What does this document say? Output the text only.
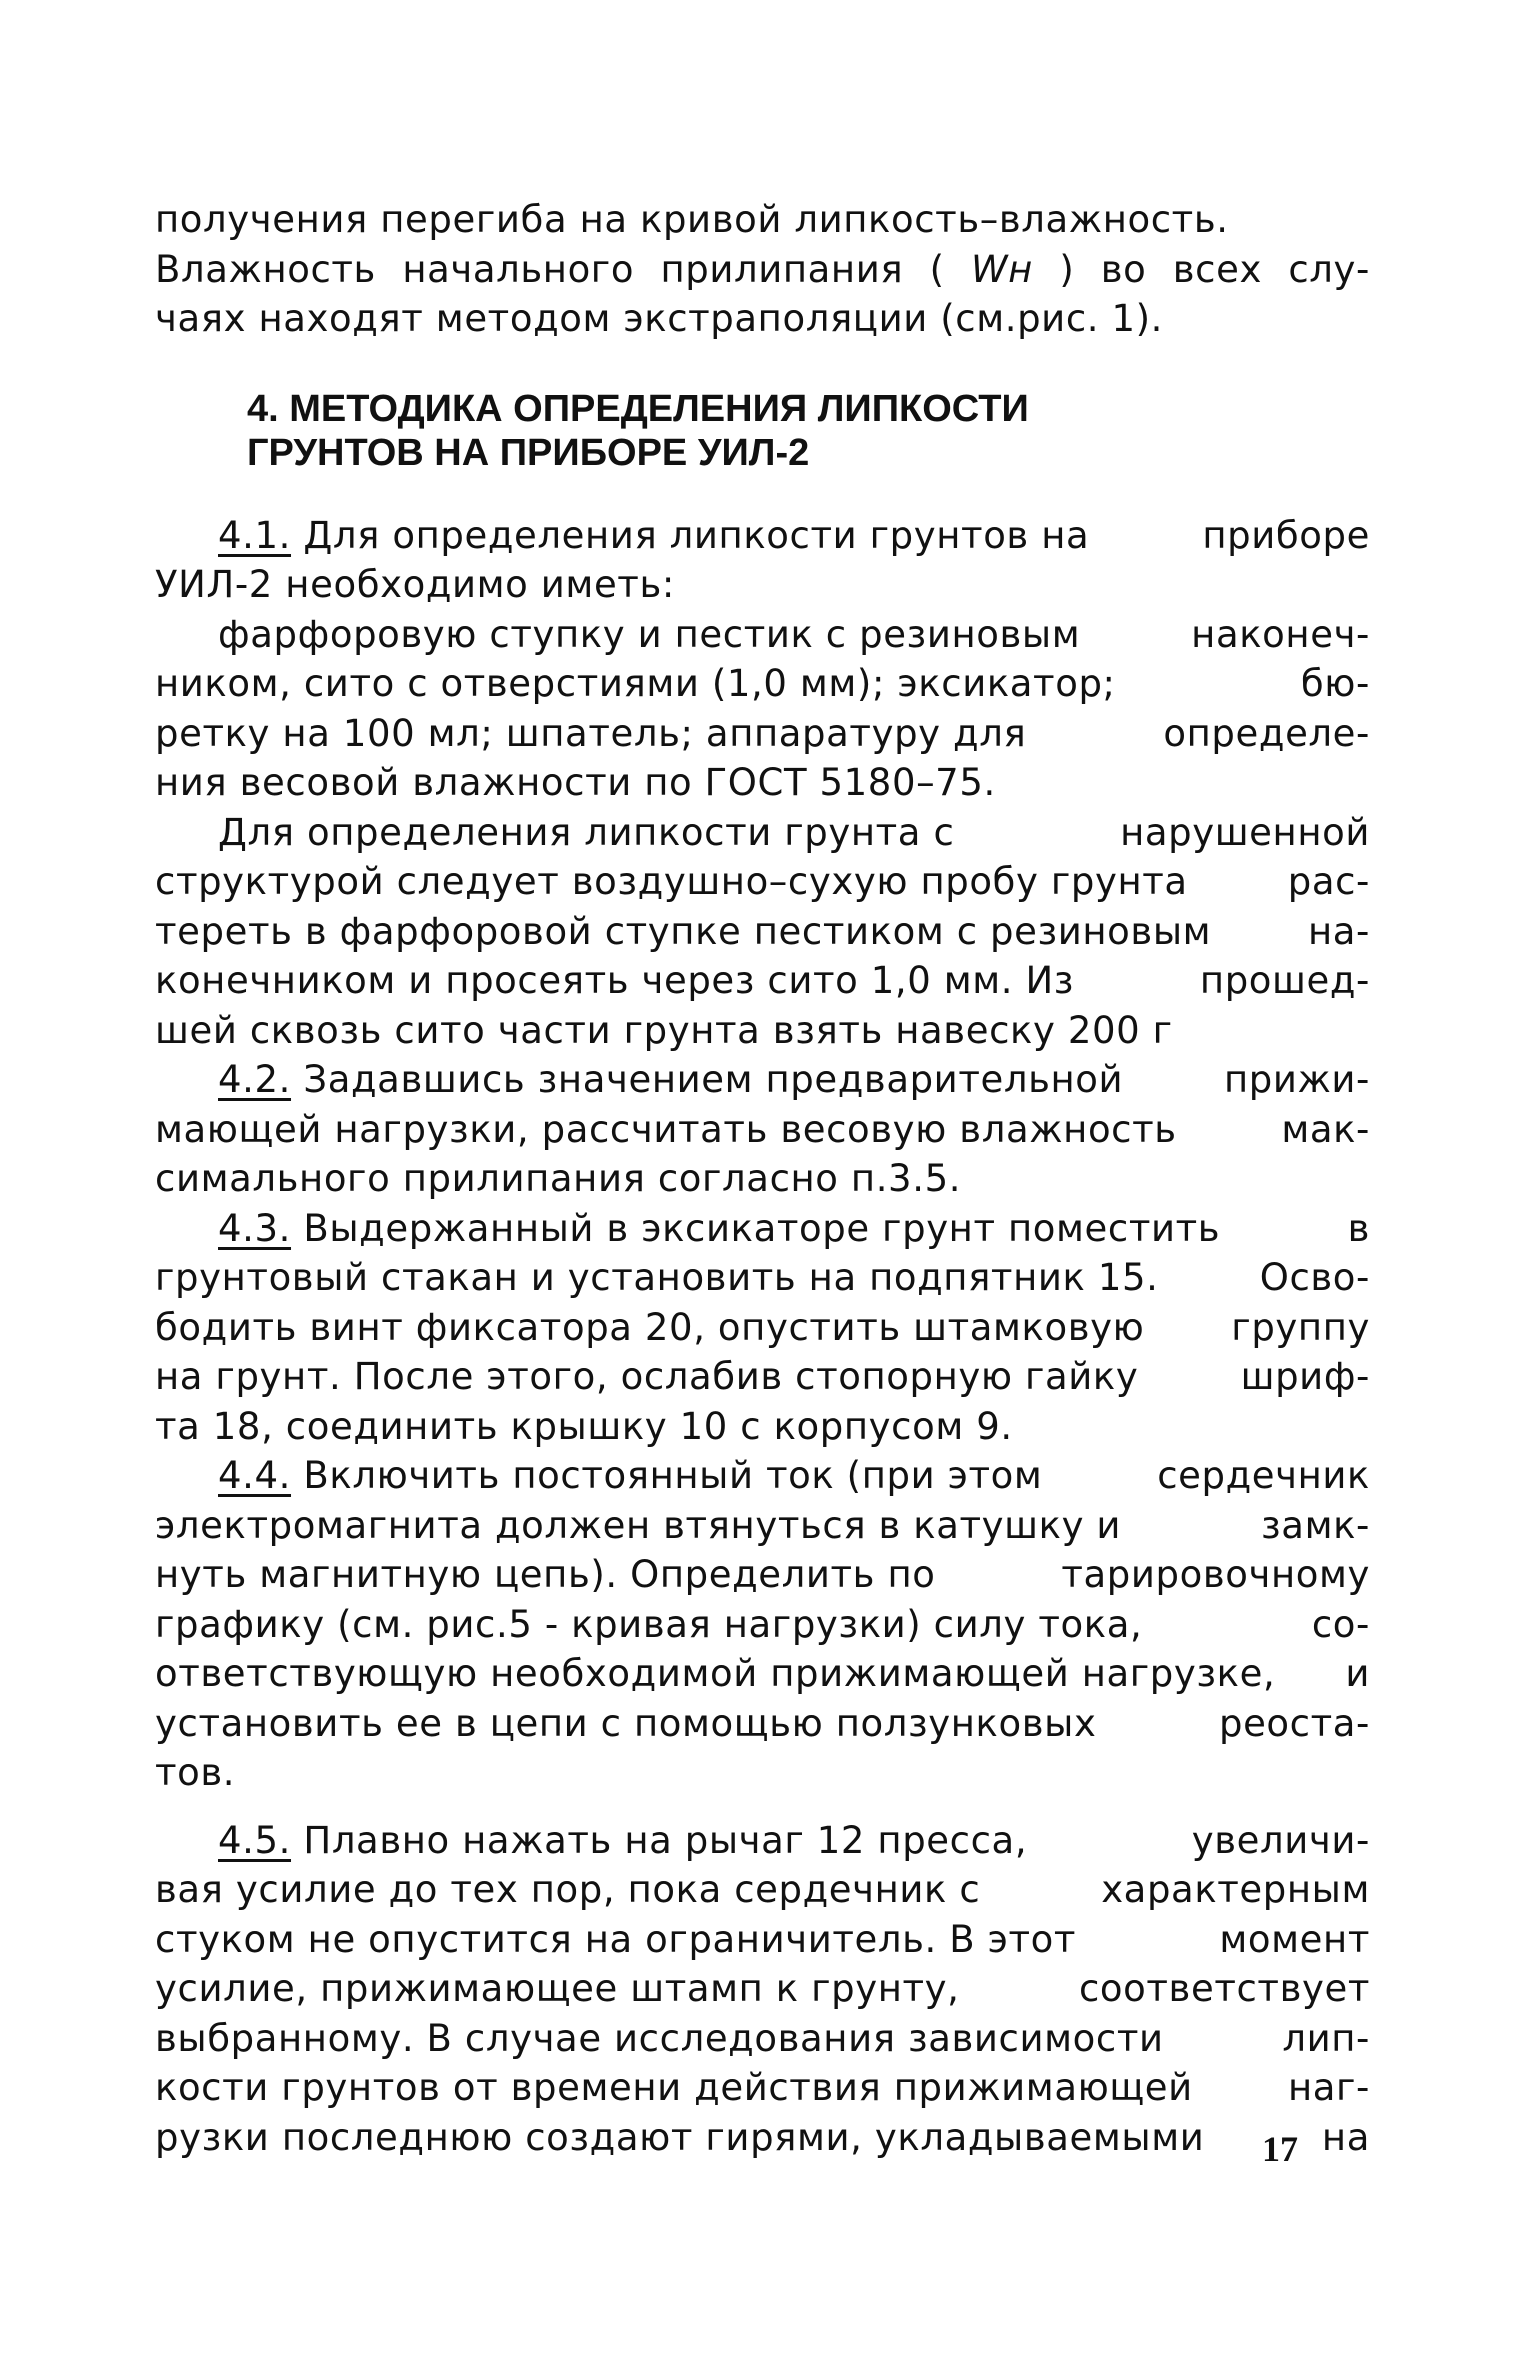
получения перегиба на кривой липкость–влажность.

Влажность начального прилипания ( Wн ) во всех слу-

чаях находят методом экстраполяции (см.рис. 1).

4. МЕТОДИКА ОПРЕДЕЛЕНИЯ ЛИПКОСТИ

ГРУНТОВ НА ПРИБОРЕ УИЛ-2

4.1. Для определения липкости грунтов на	приборе

УИЛ-2 необходимо иметь:

фарфоровую ступку и пестик с резиновым	наконеч-

ником, сито с отверстиями (1,0 мм); эксикатор;	бю-

ретку на 100 мл; шпатель; аппаратуру для	определе-

ния весовой влажности по ГОСТ 5180–75.

Для определения липкости грунта с	нарушенной

структурой следует воздушно–сухую пробу грунта	рас-

тереть в фарфоровой ступке пестиком с резиновым	на-

конечником и просеять через сито 1,0 мм. Из	прошед-

шей сквозь сито части грунта взять навеску 200 г

4.2. Задавшись значением предварительной	прижи-

мающей нагрузки, рассчитать весовую влажность	мак-

симального прилипания согласно п.3.5.

4.3. Выдержанный в эксикаторе грунт поместить	в

грунтовый стакан и установить на подпятник 15.	Осво-

бодить винт фиксатора 20, опустить штамковую группу

на грунт. После этого, ослабив стопорную гайку	шриф-

та 18, соединить крышку 10 с корпусом 9.

4.4. Включить постоянный ток (при этом	сердечник

электромагнита должен втянуться в катушку и	замк-

нуть магнитную цепь). Определить по	тарировочному

графику (см. рис.5 - кривая нагрузки) силу тока,	со-

ответствующую необходимой прижимающей нагрузке, и

установить ее в цепи с помощью ползунковых	реоста-

тов.

4.5. Плавно нажать на рычаг 12 пресса,	увеличи-

вая усилие до тех пор, пока сердечник с	характерным

стуком не опустится на ограничитель. В этот	момент

усилие, прижимающее штамп к грунту,	соответствует

выбранному. В случае исследования зависимости	лип-

кости грунтов от времени действия прижимающей	наг-

рузки последнюю создают гирями, укладываемыми	на

17
